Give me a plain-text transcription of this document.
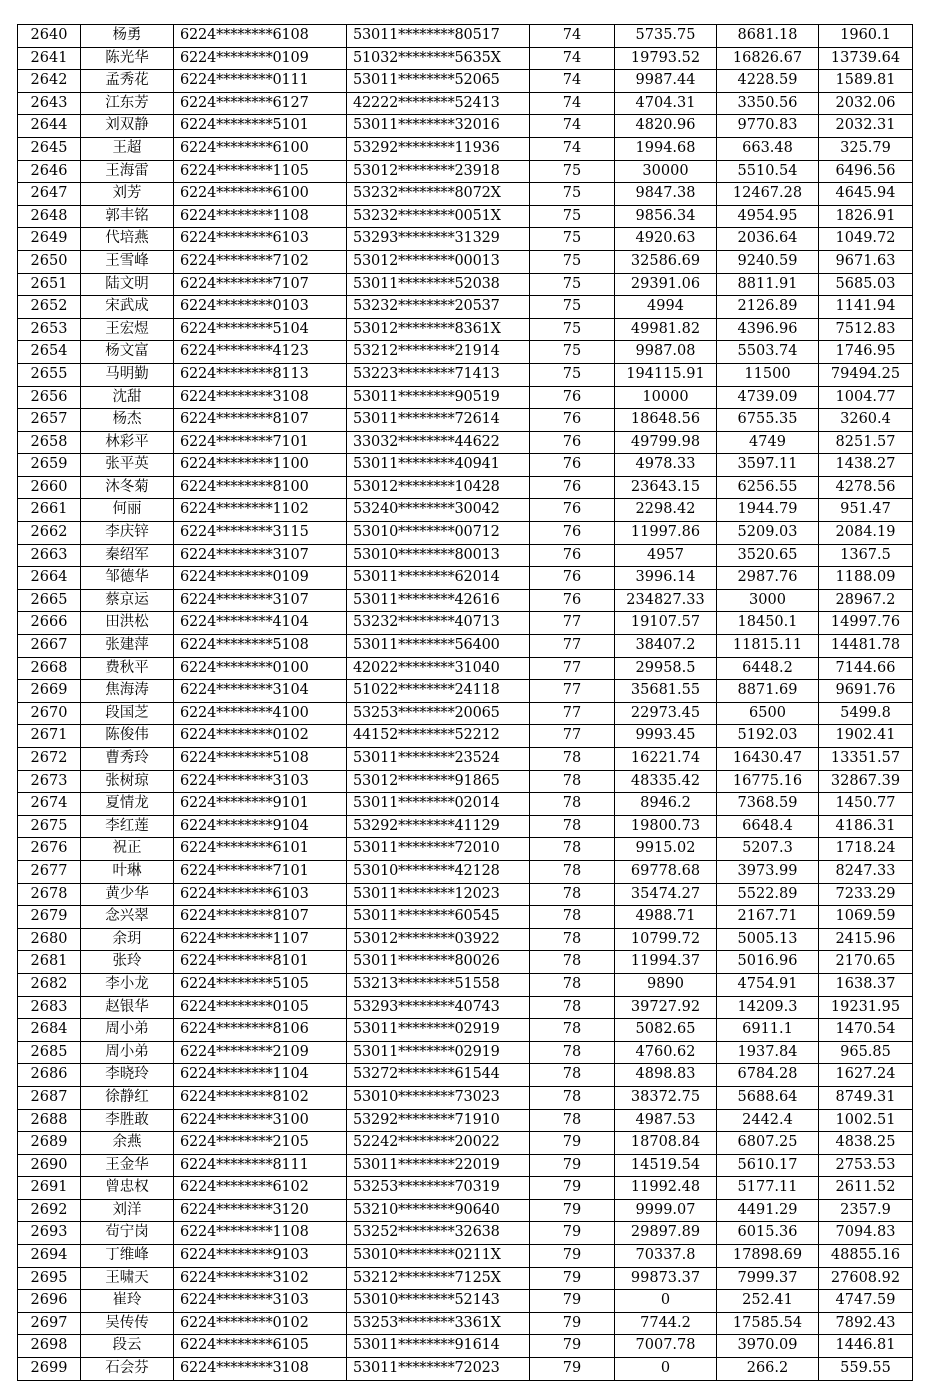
2640	杨勇	6224********6108	53011********80517	74	5735.75	8681.18	1960.1
2641	陈光华	6224********0109	51032********5635X	74	19793.52	16826.67	13739.64
2642	孟秀花	6224********0111	53011********52065	74	9987.44	4228.59	1589.81
2643	江东芳	6224********6127	42222********52413	74	4704.31	3350.56	2032.06
2644	刘双静	6224********5101	53011********32016	74	4820.96	9770.83	2032.31
2645	王超	6224********6100	53292********11936	74	1994.68	663.48	325.79
2646	王海雷	6224********1105	53012********23918	75	30000	5510.54	6496.56
2647	刘芳	6224********6100	53232********8072X	75	9847.38	12467.28	4645.94
2648	郭丰铭	6224********1108	53232********0051X	75	9856.34	4954.95	1826.91
2649	代培燕	6224********6103	53293********31329	75	4920.63	2036.64	1049.72
2650	王雪峰	6224********7102	53012********00013	75	32586.69	9240.59	9671.63
2651	陆文明	6224********7107	53011********52038	75	29391.06	8811.91	5685.03
2652	宋武成	6224********0103	53232********20537	75	4994	2126.89	1141.94
2653	王宏煜	6224********5104	53012********8361X	75	49981.82	4396.96	7512.83
2654	杨文富	6224********4123	53212********21914	75	9987.08	5503.74	1746.95
2655	马明勤	6224********8113	53223********71413	75	194115.91	11500	79494.25
2656	沈甜	6224********3108	53011********90519	76	10000	4739.09	1004.77
2657	杨杰	6224********8107	53011********72614	76	18648.56	6755.35	3260.4
2658	林彩平	6224********7101	33032********44622	76	49799.98	4749	8251.57
2659	张平英	6224********1100	53011********40941	76	4978.33	3597.11	1438.27
2660	沐冬菊	6224********8100	53012********10428	76	23643.15	6256.55	4278.56
2661	何丽	6224********1102	53240********30042	76	2298.42	1944.79	951.47
2662	李庆锌	6224********3115	53010********00712	76	11997.86	5209.03	2084.19
2663	秦绍军	6224********3107	53010********80013	76	4957	3520.65	1367.5
2664	邹德华	6224********0109	53011********62014	76	3996.14	2987.76	1188.09
2665	蔡京运	6224********3107	53011********42616	76	234827.33	3000	28967.2
2666	田洪松	6224********4104	53232********40713	77	19107.57	18450.1	14997.76
2667	张建萍	6224********5108	53011********56400	77	38407.2	11815.11	14481.78
2668	费秋平	6224********0100	42022********31040	77	29958.5	6448.2	7144.66
2669	焦海涛	6224********3104	51022********24118	77	35681.55	8871.69	9691.76
2670	段国芝	6224********4100	53253********20065	77	22973.45	6500	5499.8
2671	陈俊伟	6224********0102	44152********52212	77	9993.45	5192.03	1902.41
2672	曹秀玲	6224********5108	53011********23524	78	16221.74	16430.47	13351.57
2673	张树琼	6224********3103	53012********91865	78	48335.42	16775.16	32867.39
2674	夏情龙	6224********9101	53011********02014	78	8946.2	7368.59	1450.77
2675	李红莲	6224********9104	53292********41129	78	19800.73	6648.4	4186.31
2676	祝正	6224********6101	53011********72010	78	9915.02	5207.3	1718.24
2677	叶琳	6224********7101	53010********42128	78	69778.68	3973.99	8247.33
2678	黄少华	6224********6103	53011********12023	78	35474.27	5522.89	7233.29
2679	念兴翠	6224********8107	53011********60545	78	4988.71	2167.71	1069.59
2680	余玥	6224********1107	53012********03922	78	10799.72	5005.13	2415.96
2681	张玲	6224********8101	53011********80026	78	11994.37	5016.96	2170.65
2682	李小龙	6224********5105	53213********51558	78	9890	4754.91	1638.37
2683	赵银华	6224********0105	53293********40743	78	39727.92	14209.3	19231.95
2684	周小弟	6224********8106	53011********02919	78	5082.65	6911.1	1470.54
2685	周小弟	6224********2109	53011********02919	78	4760.62	1937.84	965.85
2686	李晓玲	6224********1104	53272********61544	78	4898.83	6784.28	1627.24
2687	徐静红	6224********8102	53010********73023	78	38372.75	5688.64	8749.31
2688	李胜敢	6224********3100	53292********71910	78	4987.53	2442.4	1002.51
2689	余燕	6224********2105	52242********20022	79	18708.84	6807.25	4838.25
2690	王金华	6224********8111	53011********22019	79	14519.54	5610.17	2753.53
2691	曾忠权	6224********6102	53253********70319	79	11992.48	5177.11	2611.52
2692	刘洋	6224********3120	53210********90640	79	9999.07	4491.29	2357.9
2693	茍宁岗	6224********1108	53252********32638	79	29897.89	6015.36	7094.83
2694	丁维峰	6224********9103	53010********0211X	79	70337.8	17898.69	48855.16
2695	王啸天	6224********3102	53212********7125X	79	99873.37	7999.37	27608.92
2696	崔玲	6224********3103	53010********52143	79	0	252.41	4747.59
2697	吴传传	6224********0102	53253********3361X	79	7744.2	17585.54	7892.43
2698	段云	6224********6105	53011********91614	79	7007.78	3970.09	1446.81
2699	石会芬	6224********3108	53011********72023	79	0	266.2	559.55
